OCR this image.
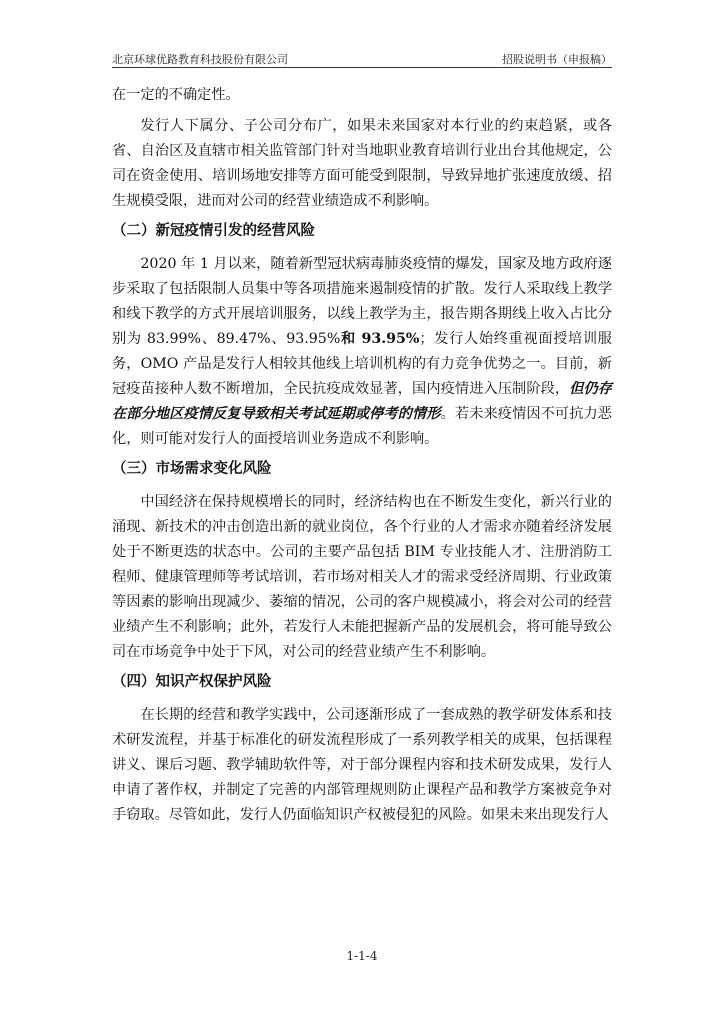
北京环球优路教育科技股份有限公司	招股说明书（申报稿）

在一定的不确定性。

发行人下属分、子公司分布广，如果未来国家对本行业的约束趋紧，或各省、自治区及直辖市相关监管部门针对当地职业教育培训行业出台其他规定，公司在资金使用、培训场地安排等方面可能受到限制，导致异地扩张速度放缓、招生规模受限，进而对公司的经营业绩造成不利影响。

（二）新冠疫情引发的经营风险

2020 年 1 月以来，随着新型冠状病毒肺炎疫情的爆发，国家及地方政府逐步采取了包括限制人员集中等各项措施来遏制疫情的扩散。发行人采取线上教学和线下教学的方式开展培训服务，以线上教学为主，报告期各期线上收入占比分别为 83.99%、89.47%、93.95%和 93.95%；发行人始终重视面授培训服务，OMO 产品是发行人相较其他线上培训机构的有力竞争优势之一。目前，新冠疫苗接种人数不断增加，全民抗疫成效显著，国内疫情进入压制阶段，但仍存在部分地区疫情反复导致相关考试延期或停考的情形。若未来疫情因不可抗力恶化，则可能对发行人的面授培训业务造成不利影响。

（三）市场需求变化风险

中国经济在保持规模增长的同时，经济结构也在不断发生变化，新兴行业的涌现、新技术的冲击创造出新的就业岗位，各个行业的人才需求亦随着经济发展处于不断更迭的状态中。公司的主要产品包括 BIM 专业技能人才、注册消防工程师、健康管理师等考试培训，若市场对相关人才的需求受经济周期、行业政策等因素的影响出现减少、萎缩的情况，公司的客户规模减小，将会对公司的经营业绩产生不利影响；此外，若发行人未能把握新产品的发展机会，将可能导致公司在市场竞争中处于下风，对公司的经营业绩产生不利影响。

（四）知识产权保护风险

在长期的经营和教学实践中，公司逐渐形成了一套成熟的教学研发体系和技术研发流程，并基于标准化的研发流程形成了一系列教学相关的成果，包括课程讲义、课后习题、教学辅助软件等，对于部分课程内容和技术研发成果，发行人申请了著作权，并制定了完善的内部管理规则防止课程产品和教学方案被竞争对手窃取。尽管如此，发行人仍面临知识产权被侵犯的风险。如果未来出现发行人

1-1-4
